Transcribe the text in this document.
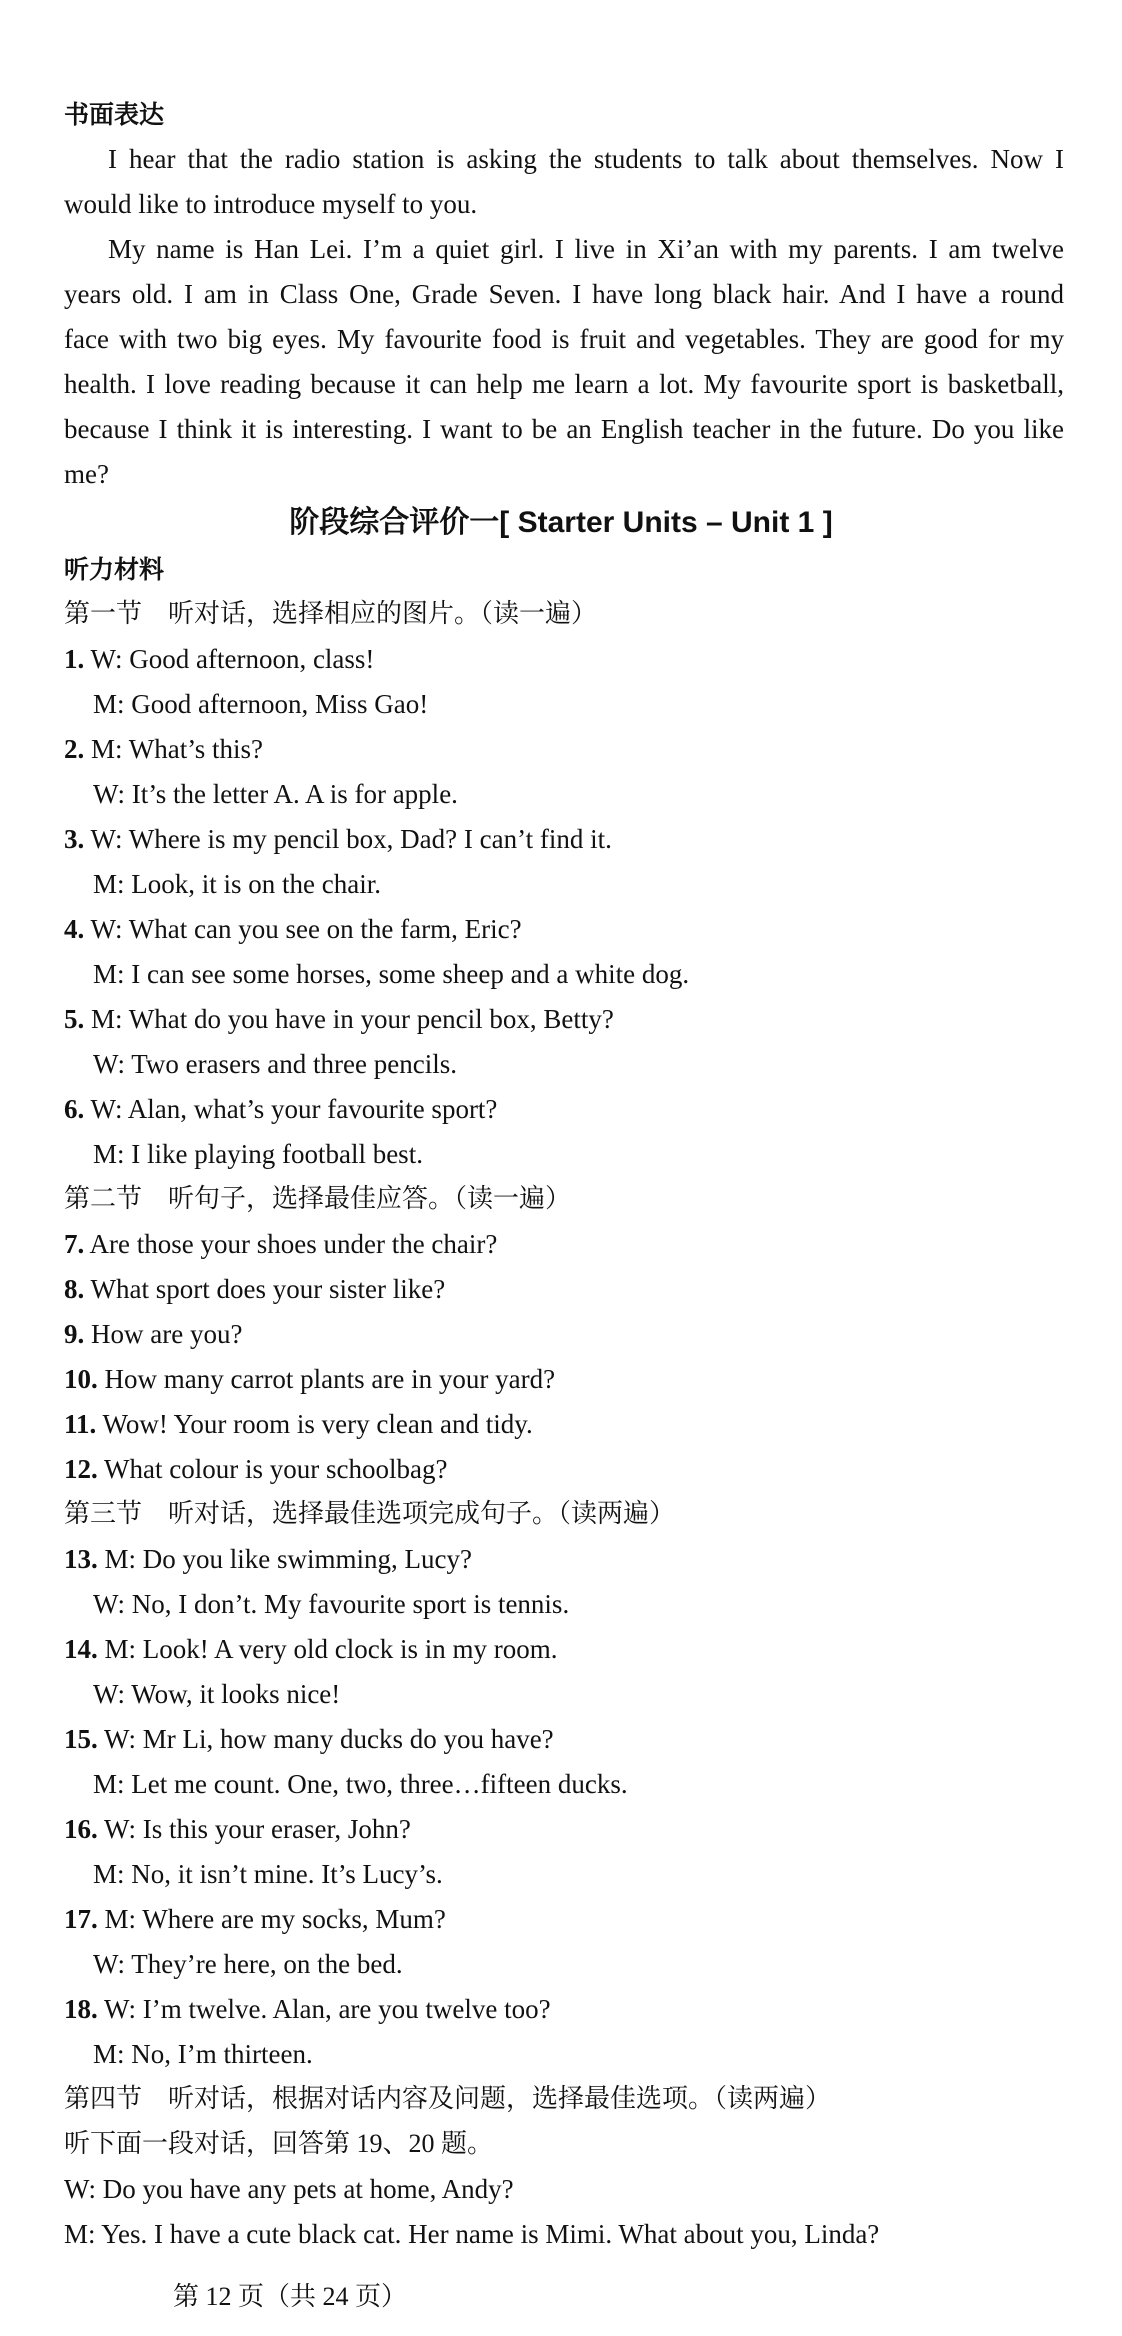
书面表达
I hear that the radio station is asking the students to talk about themselves. Now I
would like to introduce myself to you.
My name is Han Lei. I’m a quiet girl. I live in Xi’an with my parents. I am twelve
years old. I am in Class One, Grade Seven. I have long black hair. And I have a round
face with two big eyes. My favourite food is fruit and vegetables. They are good for my
health. I love reading because it can help me learn a lot. My favourite sport is basketball,
because I think it is interesting. I want to be an English teacher in the future. Do you like
me?
阶段综合评价一[ Starter Units – Unit 1 ]
听力材料
第一节　听对话，选择相应的图片。（读一遍）
1. W: Good afternoon, class!
M: Good afternoon, Miss Gao!
2. M: What’s this?
W: It’s the letter A. A is for apple.
3. W: Where is my pencil box, Dad? I can’t find it.
M: Look, it is on the chair.
4. W: What can you see on the farm, Eric?
M: I can see some horses, some sheep and a white dog.
5. M: What do you have in your pencil box, Betty?
W: Two erasers and three pencils.
6. W: Alan, what’s your favourite sport?
M: I like playing football best.
第二节　听句子，选择最佳应答。（读一遍）
7. Are those your shoes under the chair?
8. What sport does your sister like?
9. How are you?
10. How many carrot plants are in your yard?
11. Wow! Your room is very clean and tidy.
12. What colour is your schoolbag?
第三节　听对话，选择最佳选项完成句子。（读两遍）
13. M: Do you like swimming, Lucy?
W: No, I don’t. My favourite sport is tennis.
14. M: Look! A very old clock is in my room.
W: Wow, it looks nice!
15. W: Mr Li, how many ducks do you have?
M: Let me count. One, two, three…fifteen ducks.
16. W: Is this your eraser, John?
M: No, it isn’t mine. It’s Lucy’s.
17. M: Where are my socks, Mum?
W: They’re here, on the bed.
18. W: I’m twelve. Alan, are you twelve too?
M: No, I’m thirteen.
第四节　听对话，根据对话内容及问题，选择最佳选项。（读两遍）
听下面一段对话，回答第 19、20 题。
W: Do you have any pets at home, Andy?
M: Yes. I have a cute black cat. Her name is Mimi. What about you, Linda?
第 12 页（共 24 页）
